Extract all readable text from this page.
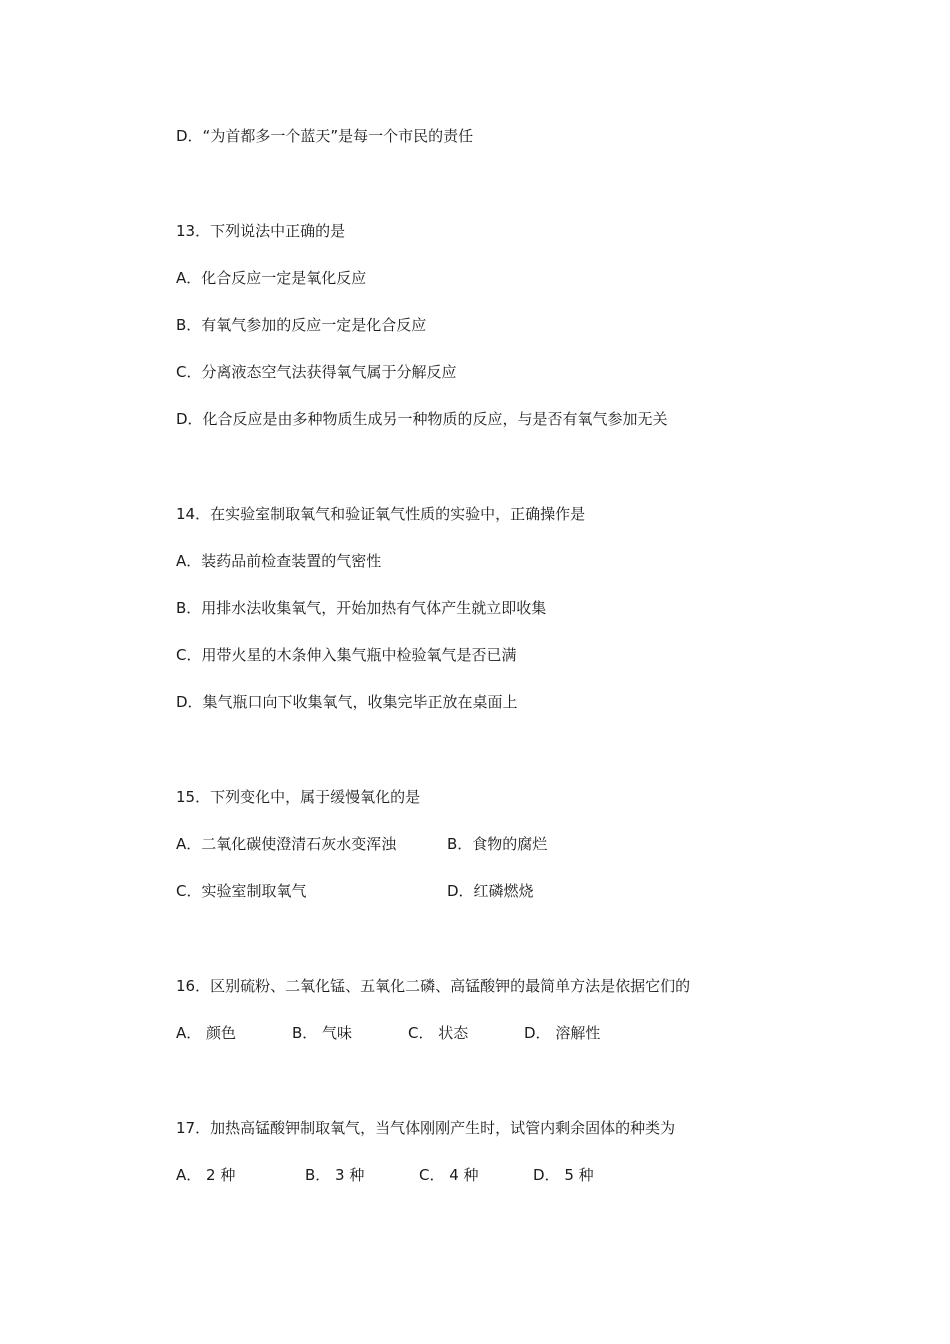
D．“为首都多一个蓝天”是每一个市民的责任
13．下列说法中正确的是
A．化合反应一定是氧化反应
B．有氧气参加的反应一定是化合反应
C．分离液态空气法获得氧气属于分解反应
D．化合反应是由多种物质生成另一种物质的反应，与是否有氧气参加无关
14．在实验室制取氧气和验证氧气性质的实验中，正确操作是
A．装药品前检查装置的气密性
B．用排水法收集氧气，开始加热有气体产生就立即收集
C．用带火星的木条伸入集气瓶中检验氧气是否已满
D．集气瓶口向下收集氧气，收集完毕正放在桌面上
15．下列变化中，属于缓慢氧化的是
A．二氧化碳使澄清石灰水变浑浊	B．食物的腐烂
C．实验室制取氧气	D．红磷燃烧
16．区别硫粉、二氧化锰、五氧化二磷、高锰酸钾的最简单方法是依据它们的
A． 颜色	B． 气味	C． 状态	D． 溶解性
17．加热高锰酸钾制取氧气，当气体刚刚产生时，试管内剩余固体的种类为
A． 2 种	B． 3 种	C． 4 种	D． 5 种
